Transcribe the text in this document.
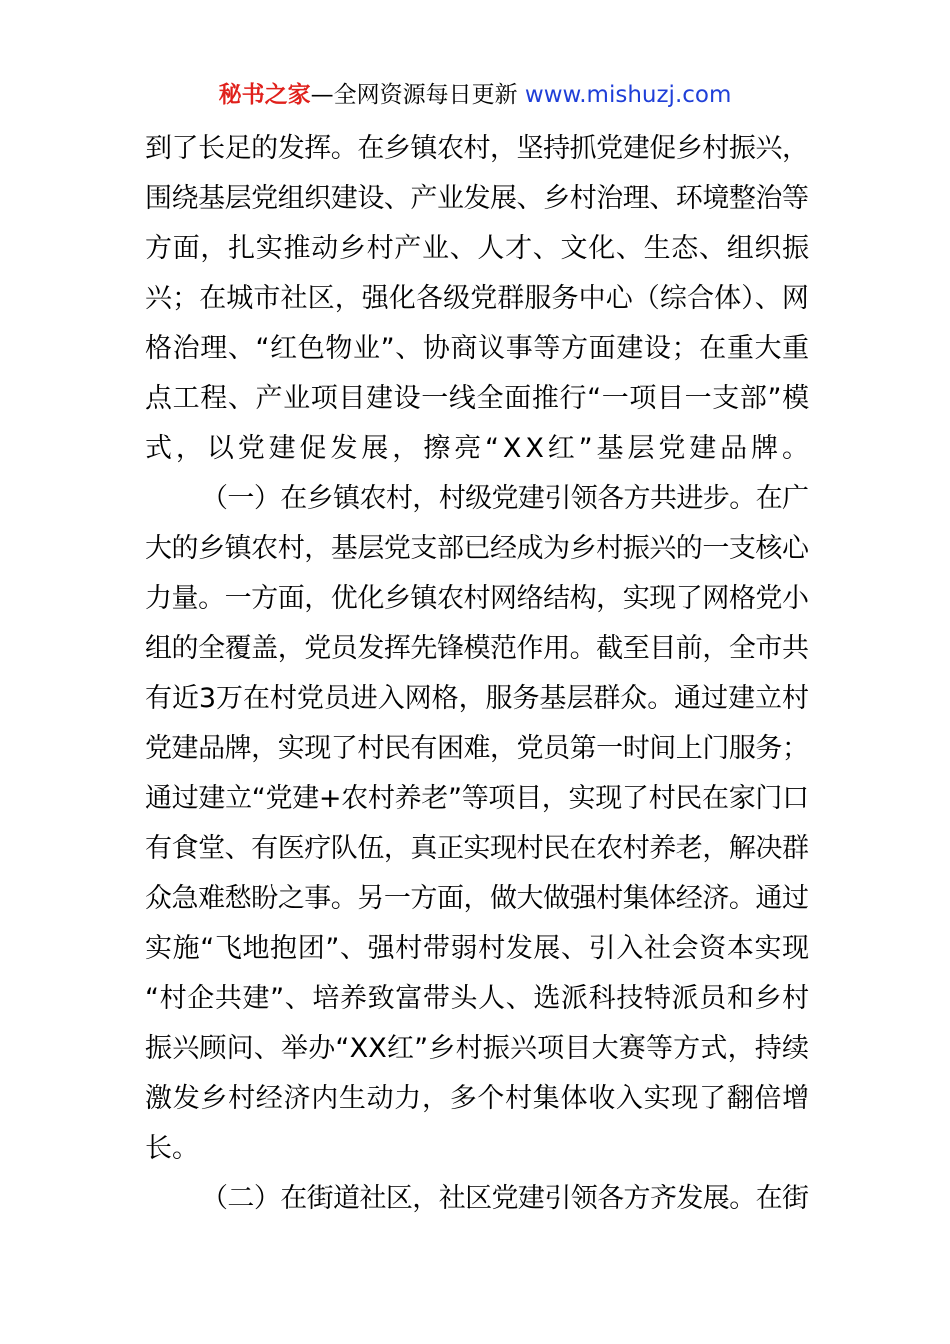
秘书之家—全网资源每日更新 www.mishuzj.com
到了长足的发挥。在乡镇农村，坚持抓党建促乡村振兴，
围绕基层党组织建设、产业发展、乡村治理、环境整治等
方面，扎实推动乡村产业、人才、文化、生态、组织振
兴；在城市社区，强化各级党群服务中心（综合体）、网
格治理、“红色物业”、协商议事等方面建设；在重大重
点工程、产业项目建设一线全面推行“一项目一支部”模
式，以党建促发展，擦亮“XX红”基层党建品牌。
（一）在乡镇农村，村级党建引领各方共进步。在广
大的乡镇农村，基层党支部已经成为乡村振兴的一支核心
力量。一方面，优化乡镇农村网络结构，实现了网格党小
组的全覆盖，党员发挥先锋模范作用。截至目前，全市共
有近3万在村党员进入网格，服务基层群众。通过建立村
党建品牌，实现了村民有困难，党员第一时间上门服务；
通过建立“党建+农村养老”等项目，实现了村民在家门口
有食堂、有医疗队伍，真正实现村民在农村养老，解决群
众急难愁盼之事。另一方面，做大做强村集体经济。通过
实施“飞地抱团”、强村带弱村发展、引入社会资本实现
“村企共建”、培养致富带头人、选派科技特派员和乡村
振兴顾问、举办“XX红”乡村振兴项目大赛等方式，持续
激发乡村经济内生动力，多个村集体收入实现了翻倍增
长。
（二）在街道社区，社区党建引领各方齐发展。在街
